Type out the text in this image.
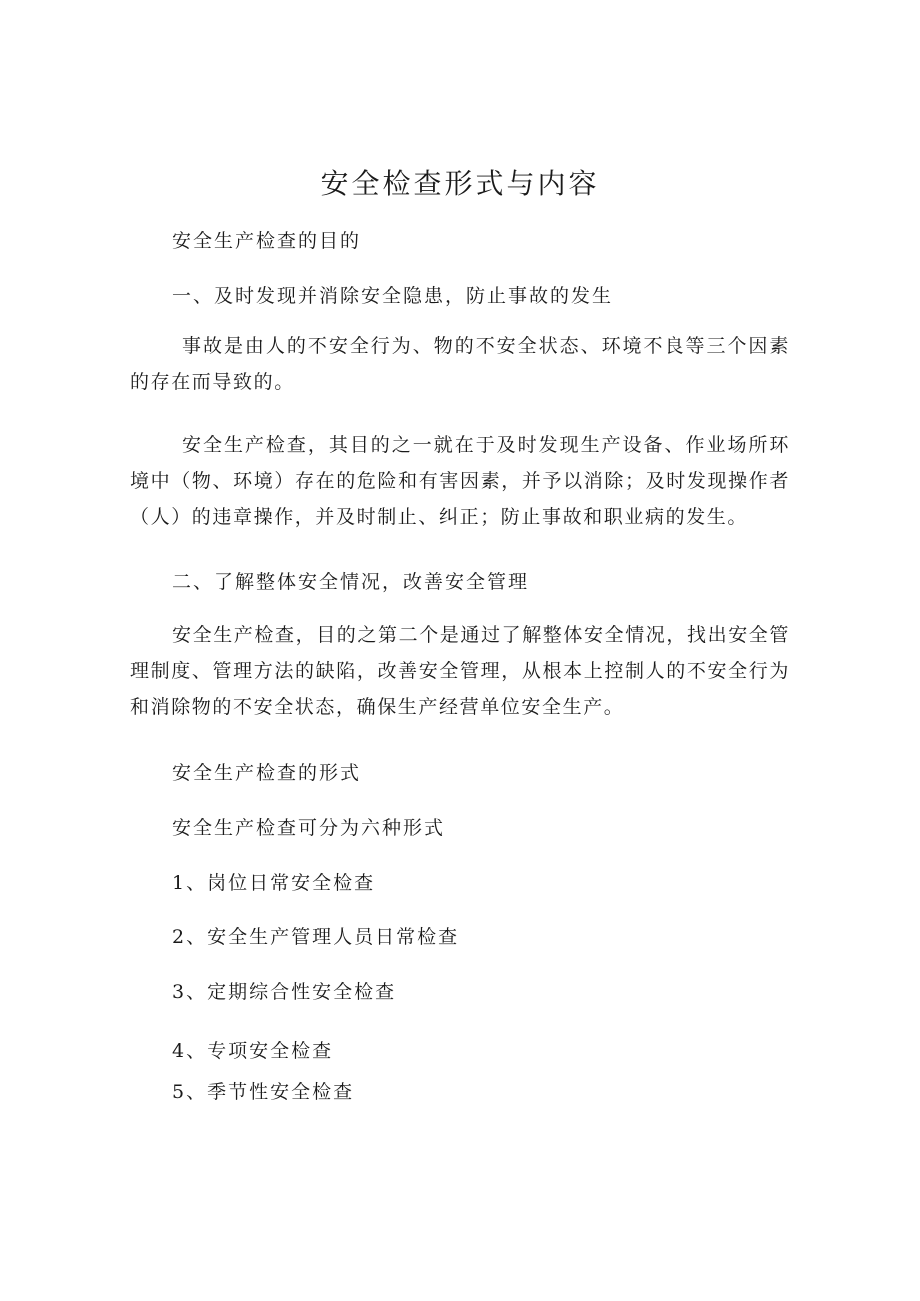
安全检查形式与内容

安全生产检查的目的

一、及时发现并消除安全隐患，防止事故的发生

事故是由人的不安全行为、物的不安全状态、环境不良等三个因素的存在而导致的。

安全生产检查，其目的之一就在于及时发现生产设备、作业场所环境中（物、环境）存在的危险和有害因素，并予以消除；及时发现操作者（人）的违章操作，并及时制止、纠正；防止事故和职业病的发生。

二、了解整体安全情况，改善安全管理

安全生产检查，目的之第二个是通过了解整体安全情况，找出安全管理制度、管理方法的缺陷，改善安全管理，从根本上控制人的不安全行为和消除物的不安全状态，确保生产经营单位安全生产。

安全生产检查的形式

安全生产检查可分为六种形式

1、岗位日常安全检查

2、安全生产管理人员日常检查

3、定期综合性安全检查

4、专项安全检查

5、季节性安全检查
